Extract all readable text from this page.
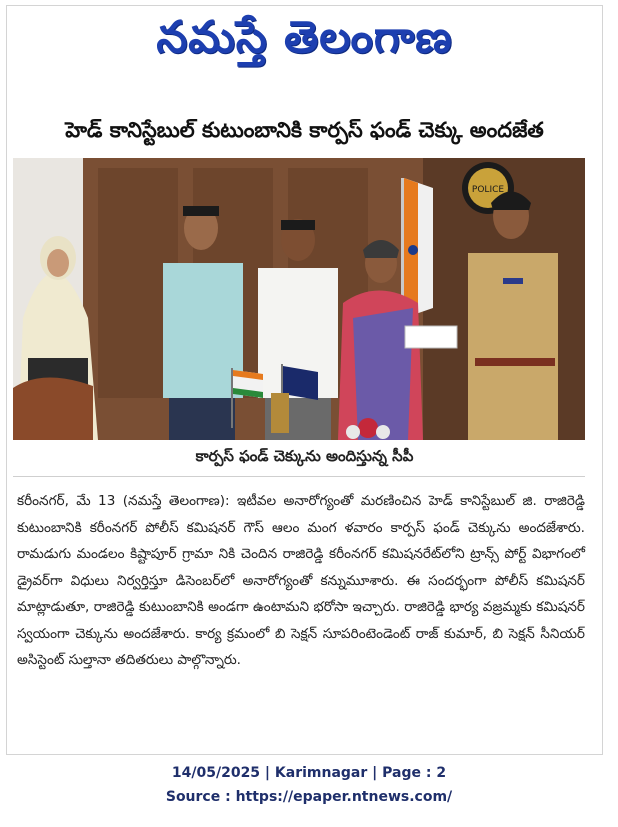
నమస్తే తెలంగాణ
హెడ్ కానిస్టేబుల్ కుటుంబానికి కార్పస్ ఫండ్ చెక్కు అందజేత
POLICE
కార్పస్ ఫండ్ చెక్కును అందిస్తున్న సీపీ
కరీంనగర్, మే 13 (నమస్తే తెలంగాణ): ఇటీవల అనారోగ్యంతో మరణించిన హెడ్ కానిస్టేబుల్ జి. రాజిరెడ్డి కుటుంబానికి కరీంనగర్ పోలీస్ కమిషనర్ గౌస్ ఆలం మంగ ళవారం కార్పస్ ఫండ్ చెక్కును అందజేశారు. రామడుగు మండలం కిష్టాపూర్ గ్రామా నికి చెందిన రాజిరెడ్డి కరీంనగర్ కమిషనరేట్‌లోని ట్రాన్స్ పోర్ట్ విభాగంలో డ్రైవర్‌గా విధులు నిర్వర్తిస్తూ డిసెంబర్‌లో అనారోగ్యంతో కన్నుమూశారు. ఈ సందర్భంగా పోలీస్ కమిషనర్ మాట్లాడుతూ, రాజిరెడ్డి కుటుంబానికి అండగా ఉంటామని భరోసా ఇచ్చారు. రాజిరెడ్డి భార్య వజ్రమ్మకు కమిషనర్ స్వయంగా చెక్కును అందజేశారు. కార్య క్రమంలో బి సెక్షన్ సూపరింటెండెంట్ రాజ్ కుమార్, బి సెక్షన్ సీనియర్ అసిస్టెంట్ సుల్తానా తదితరులు పాల్గొన్నారు.
14/05/2025 | Karimnagar | Page : 2
Source : https://epaper.ntnews.com/
